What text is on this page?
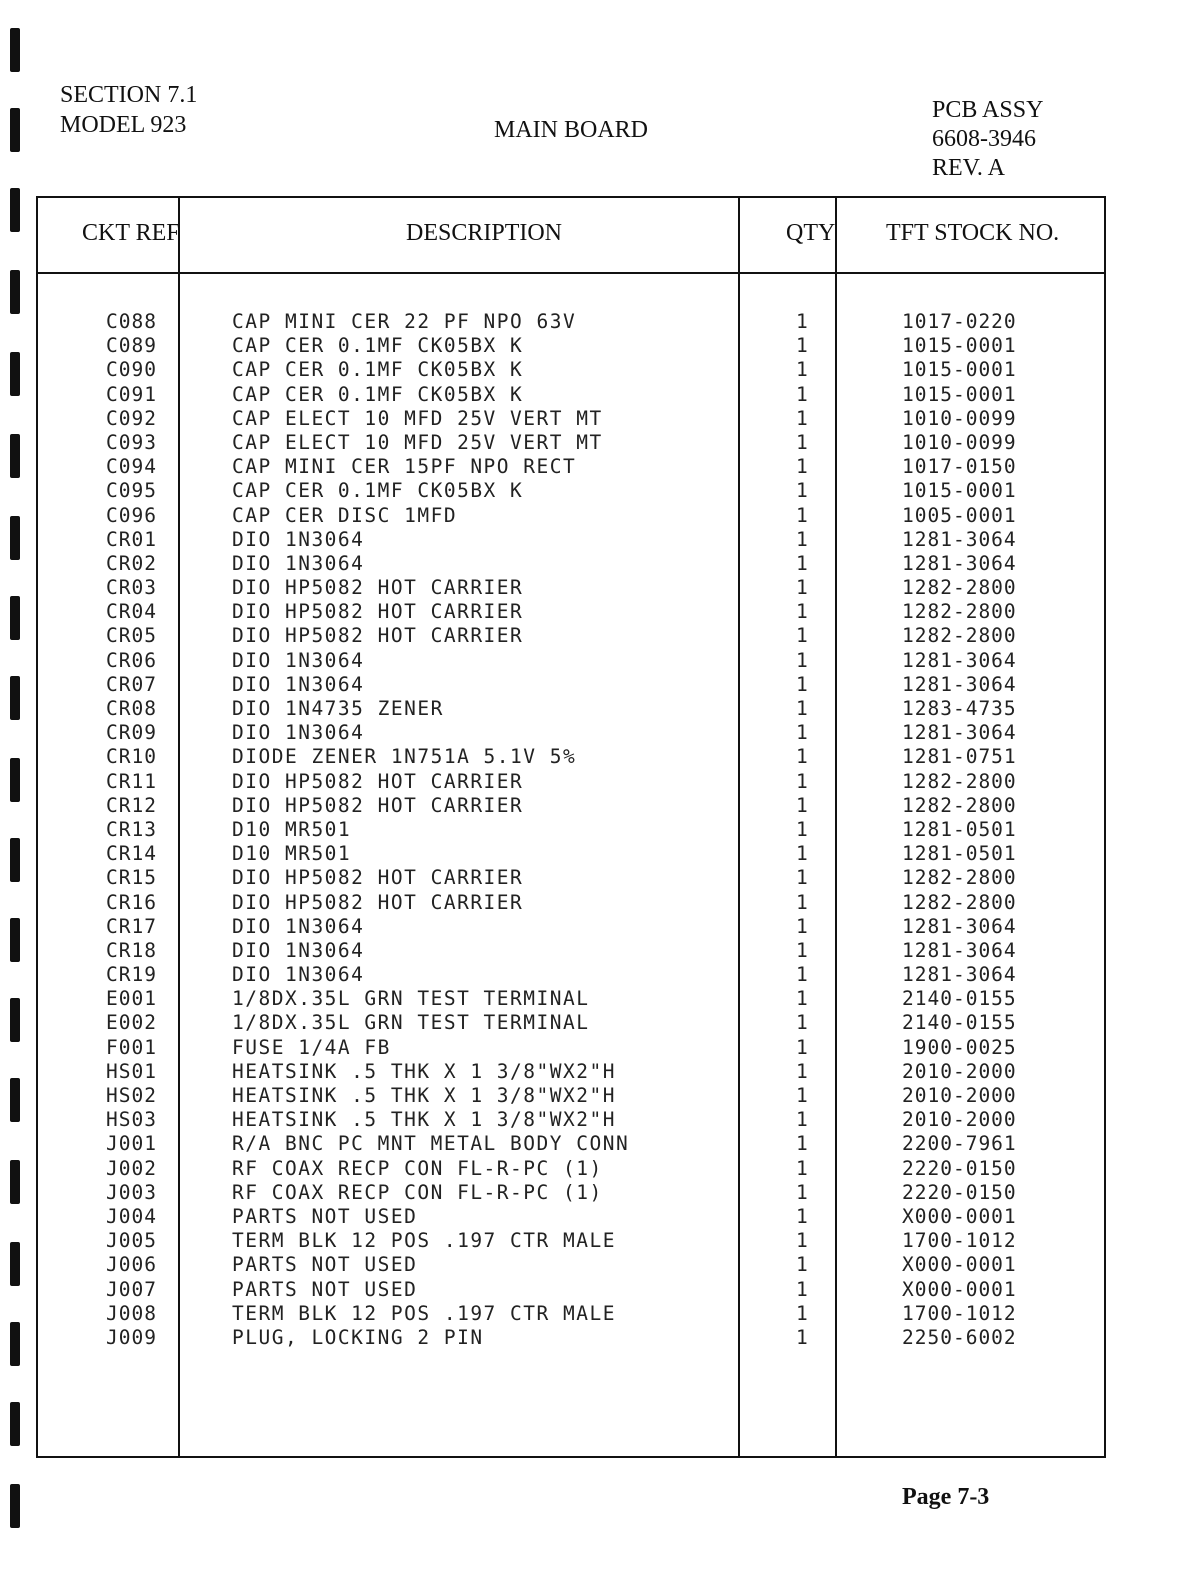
SECTION 7.1
MODEL 923	MAIN BOARD
PCB ASSY
6608-3946
REV. A
CKT REF	DESCRIPTION	QTY TFT STOCK NO.
C088	CAP MINI CER 22 PF NPO 63V	1	1017-0220
C089	CAP CER 0.1MF CK05BX K	1	1015-0001
C090	CAP CER 0.1MF CK05BX K	1	1015-0001
C091	CAP CER 0.1MF CK05BX K	1	1015-0001
C092	CAP ELECT 10 MFD 25V VERT MT	1	1010-0099
C093	CAP ELECT 10 MFD 25V VERT MT	1	1010-0099
C094	CAP MINI CER 15PF NPO RECT	1	1017-0150
C095	CAP CER 0.1MF CK05BX K	1	1015-0001
C096	CAP CER DISC 1MFD	1	1005-0001
CR01	DIO 1N3064	1	1281-3064
CR02	DIO 1N3064	1	1281-3064
CR03	DIO HP5082 HOT CARRIER	1	1282-2800
CR04	DIO HP5082 HOT CARRIER	1	1282-2800
CR05	DIO HP5082 HOT CARRIER	1	1282-2800
CR06	DIO 1N3064	1	1281-3064
CR07	DIO 1N3064	1	1281-3064
CR08	DIO 1N4735 ZENER	1	1283-4735
CR09	DIO 1N3064	1	1281-3064
CR10	DIODE ZENER 1N751A 5.1V 5%	1	1281-0751
CR11	DIO HP5082 HOT CARRIER	1	1282-2800
CR12	DIO HP5082 HOT CARRIER	1	1282-2800
CR13	D10 MR501	1	1281-0501
CR14	D10 MR501	1	1281-0501
CR15	DIO HP5082 HOT CARRIER	1	1282-2800
CR16	DIO HP5082 HOT CARRIER	1	1282-2800
CR17	DIO 1N3064	1	1281-3064
CR18	DIO 1N3064	1	1281-3064
CR19	DIO 1N3064	1	1281-3064
E001	1/8DX.35L GRN TEST TERMINAL	1	2140-0155
E002	1/8DX.35L GRN TEST TERMINAL	1	2140-0155
F001	FUSE 1/4A FB	1	1900-0025
HS01	HEATSINK .5 THK X 1 3/8"WX2"H	1	2010-2000
HS02	HEATSINK .5 THK X 1 3/8"WX2"H	1	2010-2000
HS03	HEATSINK .5 THK X 1 3/8"WX2"H	1	2010-2000
J001	R/A BNC PC MNT METAL BODY CONN	1	2200-7961
J002	RF COAX RECP CON FL-R-PC (1)	1	2220-0150
J003	RF COAX RECP CON FL-R-PC (1)	1	2220-0150
J004	PARTS NOT USED	1	X000-0001
J005	TERM BLK 12 POS .197 CTR MALE	1	1700-1012
J006	PARTS NOT USED	1	X000-0001
J007	PARTS NOT USED	1	X000-0001
J008	TERM BLK 12 POS .197 CTR MALE	1	1700-1012
J009	PLUG, LOCKING 2 PIN	1	2250-6002
Page 7-3
